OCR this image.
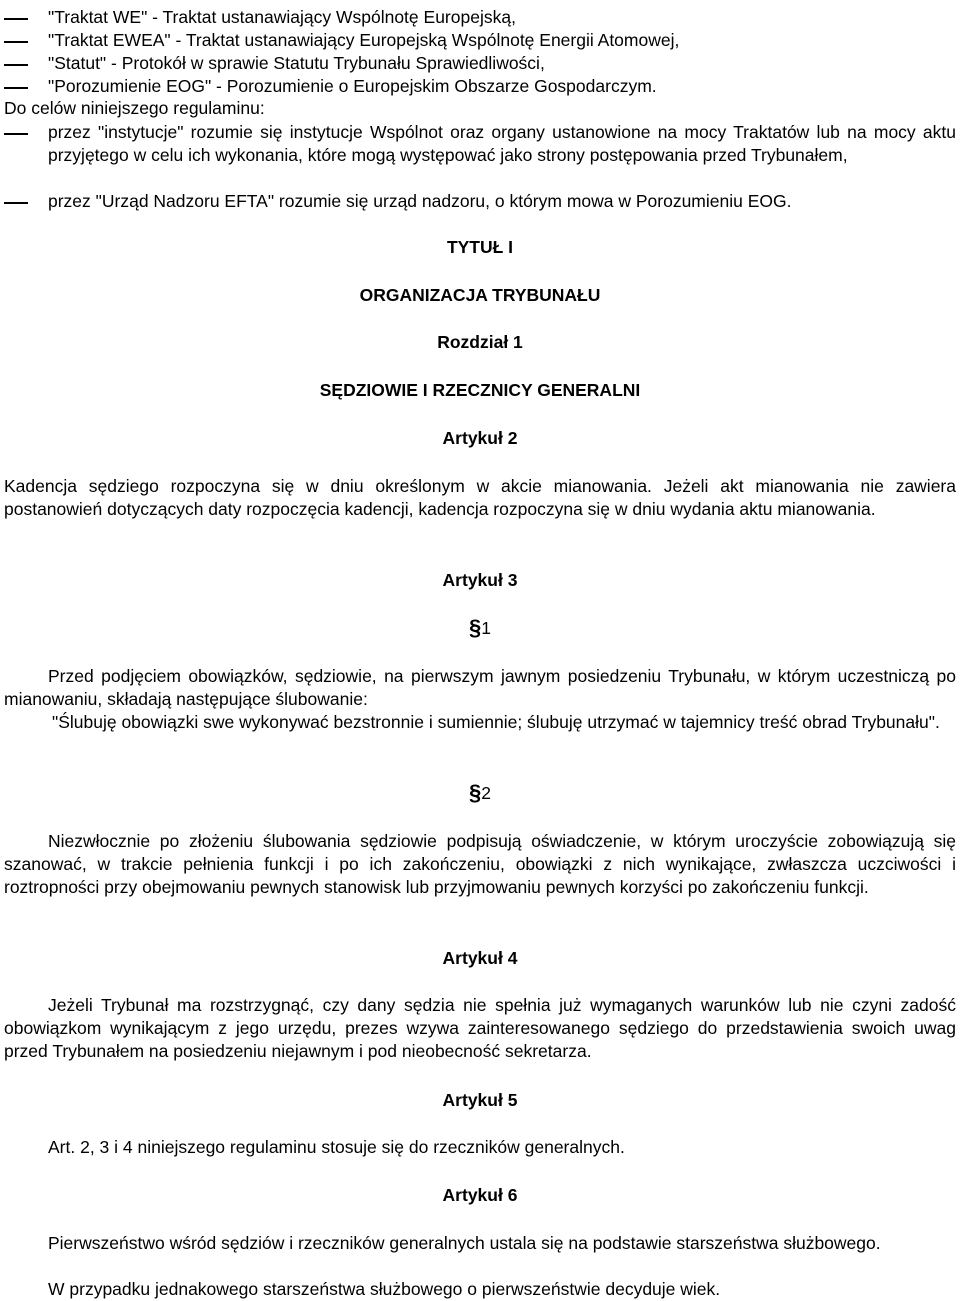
"Traktat WE" - Traktat ustanawiający Wspólnotę Europejską,
"Traktat EWEA" - Traktat ustanawiający Europejską Wspólnotę Energii Atomowej,
"Statut" - Protokół w sprawie Statutu Trybunału Sprawiedliwości,
"Porozumienie EOG" - Porozumienie o Europejskim Obszarze Gospodarczym.
Do celów niniejszego regulaminu:
przez "instytucje" rozumie się instytucje Wspólnot oraz organy ustanowione na mocy Traktatów lub na mocy aktu przyjętego w celu ich wykonania, które mogą występować jako strony postępowania przed Trybunałem,
przez "Urząd Nadzoru EFTA" rozumie się urząd nadzoru, o którym mowa w Porozumieniu EOG.
TYTUŁ I
ORGANIZACJA TRYBUNAŁU
Rozdział 1
SĘDZIOWIE I RZECZNICY GENERALNI
Artykuł 2
Kadencja sędziego rozpoczyna się w dniu określonym w akcie mianowania. Jeżeli akt mianowania nie zawiera postanowień dotyczących daty rozpoczęcia kadencji, kadencja rozpoczyna się w dniu wydania aktu mianowania.
Artykuł 3
§1
Przed podjęciem obowiązków, sędziowie, na pierwszym jawnym posiedzeniu Trybunału, w którym uczestniczą po mianowaniu, składają następujące ślubowanie:
"Ślubuję obowiązki swe wykonywać bezstronnie i sumiennie; ślubuję utrzymać w tajemnicy treść obrad Trybunału".
§2
Niezwłocznie po złożeniu ślubowania sędziowie podpisują oświadczenie, w którym uroczyście zobowiązują się szanować, w trakcie pełnienia funkcji i po ich zakończeniu, obowiązki z nich wynikające, zwłaszcza uczciwości i roztropności przy obejmowaniu pewnych stanowisk lub przyjmowaniu pewnych korzyści po zakończeniu funkcji.
Artykuł 4
Jeżeli Trybunał ma rozstrzygnąć, czy dany sędzia nie spełnia już wymaganych warunków lub nie czyni zadość obowiązkom wynikającym z jego urzędu, prezes wzywa zainteresowanego sędziego do przedstawienia swoich uwag przed Trybunałem na posiedzeniu niejawnym i pod nieobecność sekretarza.
Artykuł 5
Art. 2, 3 i 4 niniejszego regulaminu stosuje się do rzeczników generalnych.
Artykuł 6
Pierwszeństwo wśród sędziów i rzeczników generalnych ustala się na podstawie starszeństwa służbowego.
W przypadku jednakowego starszeństwa służbowego o pierwszeństwie decyduje wiek.
